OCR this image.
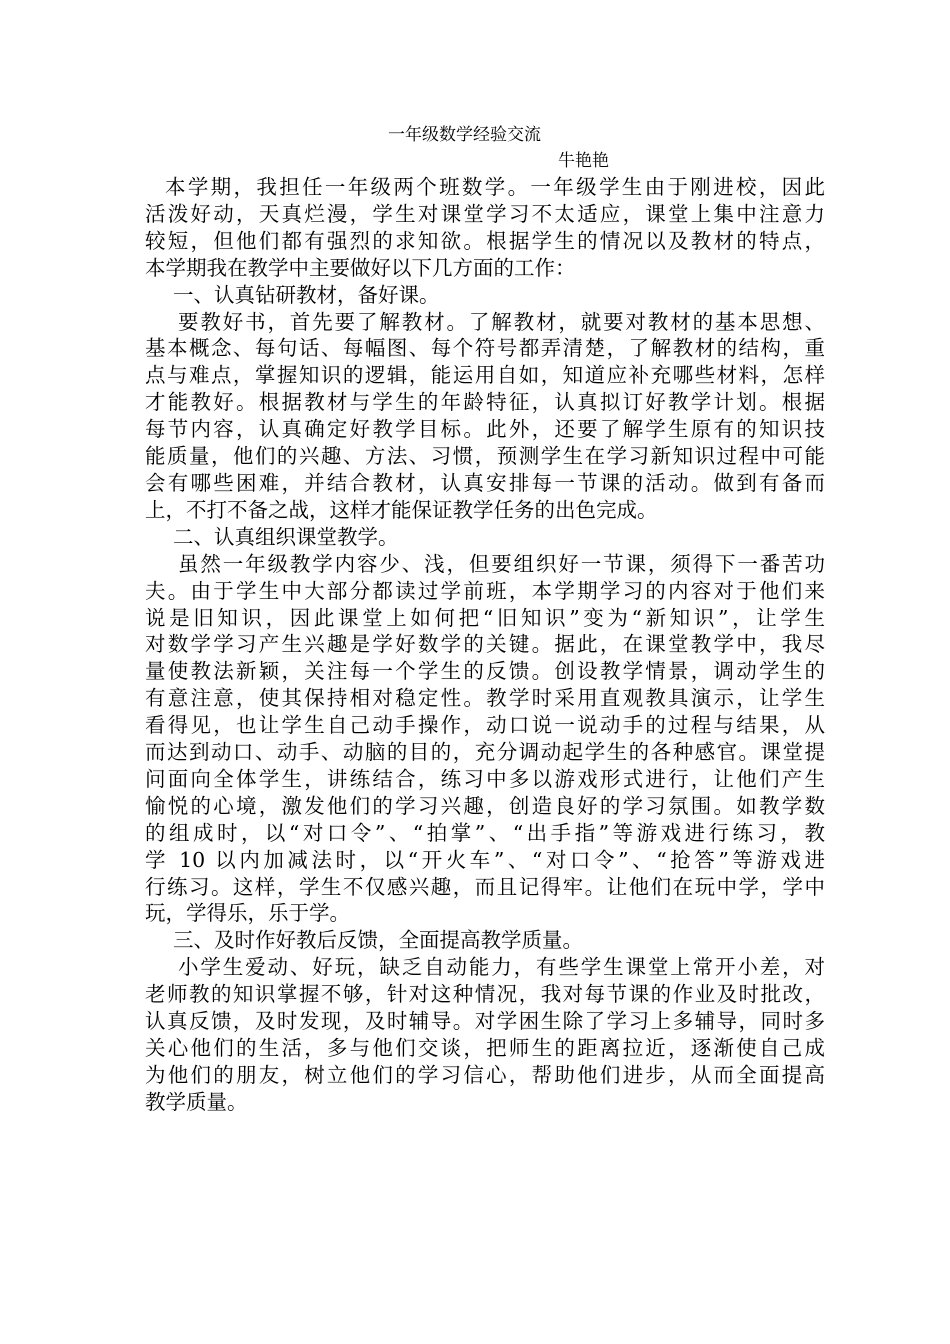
一年级数学经验交流
牛艳艳
本学期，我担任一年级两个班数学。一年级学生由于刚进校，因此
活泼好动，天真烂漫，学生对课堂学习不太适应，课堂上集中注意力
较短，但他们都有强烈的求知欲。根据学生的情况以及教材的特点，
本学期我在教学中主要做好以下几方面的工作：
一、认真钻研教材，备好课。
要教好书，首先要了解教材。了解教材，就要对教材的基本思想、
基本概念、每句话、每幅图、每个符号都弄清楚，了解教材的结构，重
点与难点，掌握知识的逻辑，能运用自如，知道应补充哪些材料，怎样
才能教好。根据教材与学生的年龄特征，认真拟订好教学计划。根据
每节内容，认真确定好教学目标。此外，还要了解学生原有的知识技
能质量，他们的兴趣、方法、习惯，预测学生在学习新知识过程中可能
会有哪些困难，并结合教材，认真安排每一节课的活动。做到有备而
上，不打不备之战，这样才能保证教学任务的出色完成。
二、认真组织课堂教学。
虽然一年级教学内容少、浅，但要组织好一节课，须得下一番苦功
夫。由于学生中大部分都读过学前班，本学期学习的内容对于他们来
说是旧知识，因此课堂上如何把“旧知识”变为“新知识”，让学生
对数学学习产生兴趣是学好数学的关键。据此，在课堂教学中，我尽
量使教法新颖，关注每一个学生的反馈。创设教学情景，调动学生的
有意注意，使其保持相对稳定性。教学时采用直观教具演示，让学生
看得见，也让学生自己动手操作，动口说一说动手的过程与结果，从
而达到动口、动手、动脑的目的，充分调动起学生的各种感官。课堂提
问面向全体学生，讲练结合，练习中多以游戏形式进行，让他们产生
愉悦的心境，激发他们的学习兴趣，创造良好的学习氛围。如教学数
的组成时，以“对口令”、“拍掌”、“出手指”等游戏进行练习，教
学 10 以内加减法时，以“开火车”、“对口令”、“抢答”等游戏进
行练习。这样，学生不仅感兴趣，而且记得牢。让他们在玩中学，学中
玩，学得乐，乐于学。
三、及时作好教后反馈，全面提高教学质量。
小学生爱动、好玩，缺乏自动能力，有些学生课堂上常开小差，对
老师教的知识掌握不够，针对这种情况，我对每节课的作业及时批改，
认真反馈，及时发现，及时辅导。对学困生除了学习上多辅导，同时多
关心他们的生活，多与他们交谈，把师生的距离拉近，逐渐使自己成
为他们的朋友，树立他们的学习信心，帮助他们进步，从而全面提高
教学质量。
